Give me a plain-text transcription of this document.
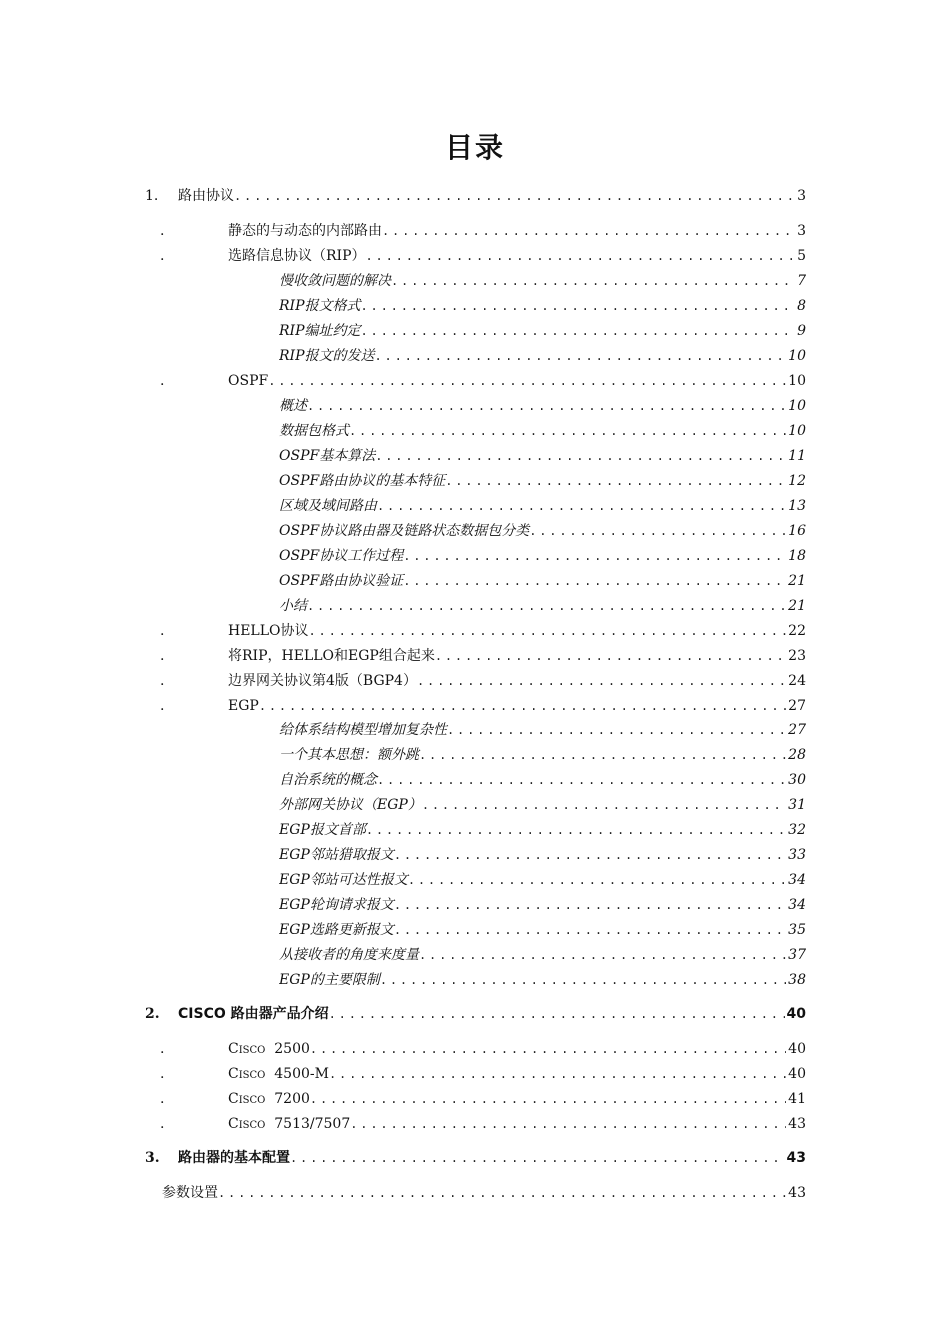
目录
1. 路由协议 . . .	3
.	静态的与动态的内部路由 . . .	3
.	选路信息协议（RIP） . . .	5
慢收敛问题的解决 . . .	7
RIP报文格式 . . .	8
RIP编址约定 . . .	9
RIP报文的发送 . . .	10
.	OSPF . . .	10
概述 . . .	10
数据包格式 . . .	10
OSPF基本算法 . . .	11
OSPF路由协议的基本特征 . . .	12
区域及域间路由 . . .	13
OSPF协议路由器及链路状态数据包分类 . . .	16
OSPF协议工作过程 . . .	18
OSPF路由协议验证 . . .	21
小结 . . .	21
.	HELLO协议 . . .	22
.	将RIP，HELLO和EGP组合起来 . . .	23
.	边界网关协议第4版（BGP4） . . .	24
.	EGP . . .	27
给体系结构模型增加复杂性 . . .	27
一个其本思想：额外跳 . . .	28
自治系统的概念 . . .	30
外部网关协议（EGP） . . .	31
EGP报文首部 . . .	32
EGP邻站猎取报文 . . .	33
EGP邻站可达性报文 . . .	34
EGP轮询请求报文 . . .	34
EGP选路更新报文 . . .	35
从接收者的角度来度量 . . .	37
EGP的主要限制 . . .	38
2. CISCO 路由器产品介绍 . . .	40
.	Cisco  2500 . . .	40
.	Cisco  4500-M . . .	40
.	Cisco  7200 . . .	41
.	Cisco  7513/7507 . . .	43
3. 路由器的基本配置 . . .	43
参数设置 . . .	43
